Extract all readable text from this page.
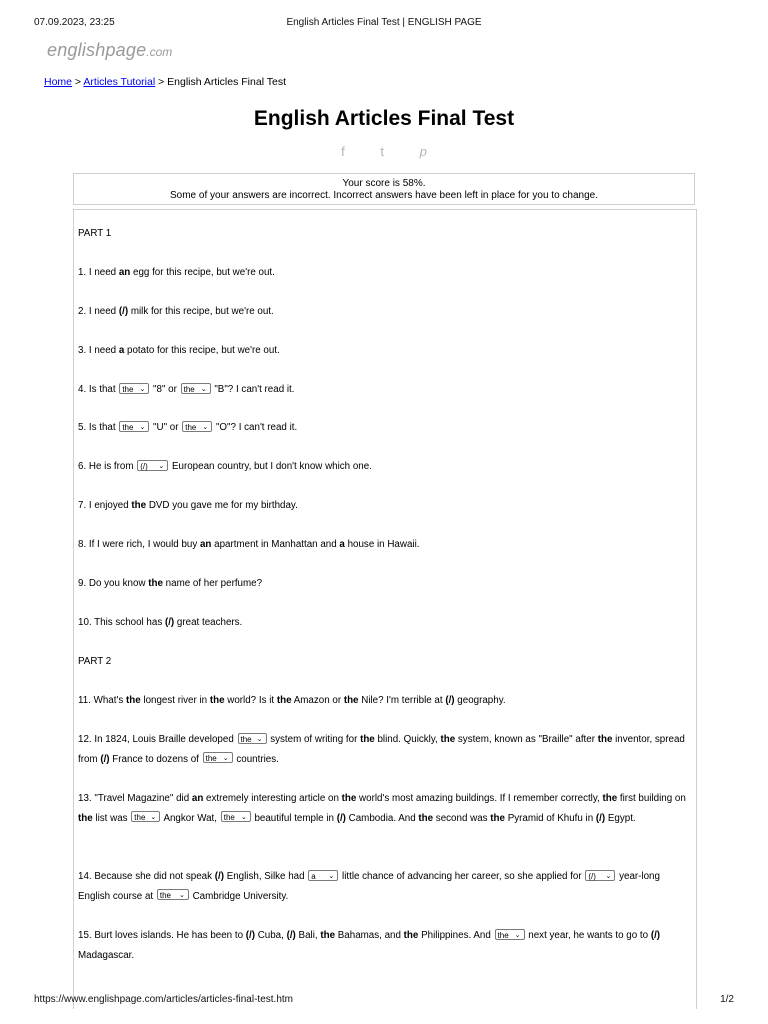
07.09.2023, 23:25	English Articles Final Test | ENGLISH PAGE
englishpage.com
Home > Articles Tutorial > English Articles Final Test
English Articles Final Test
f	t	p
Your score is 58%.
Some of your answers are incorrect. Incorrect answers have been left in place for you to change.
PART 1
1. I need an egg for this recipe, but we're out.
2. I need (/) milk for this recipe, but we're out.
3. I need a potato for this recipe, but we're out.
4. Is that the ⌄ "8" or the ⌄ "B"? I can't read it.
5. Is that the ⌄ "U" or the ⌄ "O"? I can't read it.
6. He is from (/) ⌄ European country, but I don't know which one.
7. I enjoyed the DVD you gave me for my birthday.
8. If I were rich, I would buy an apartment in Manhattan and a house in Hawaii.
9. Do you know the name of her perfume?
10. This school has (/) great teachers.
PART 2
11. What's the longest river in the world? Is it the Amazon or the Nile? I'm terrible at (/) geography.
12. In 1824, Louis Braille developed the ⌄ system of writing for the blind. Quickly, the system, known as "Braille" after the inventor, spread from (/) France to dozens of the ⌄ countries.
13. "Travel Magazine" did an extremely interesting article on the world's most amazing buildings. If I remember correctly, the first building on the list was the ⌄ Angkor Wat, the ⌄ beautiful temple in (/) Cambodia. And the second was the Pyramid of Khufu in (/) Egypt.
14. Because she did not speak (/) English, Silke had a ⌄ little chance of advancing her career, so she applied for (/) ⌄ year-long English course at the ⌄ Cambridge University.
15. Burt loves islands. He has been to (/) Cuba, (/) Bali, the Bahamas, and the Philippines. And the ⌄ next year, he wants to go to (/) Madagascar.
https://www.englishpage.com/articles/articles-final-test.htm	1/2
